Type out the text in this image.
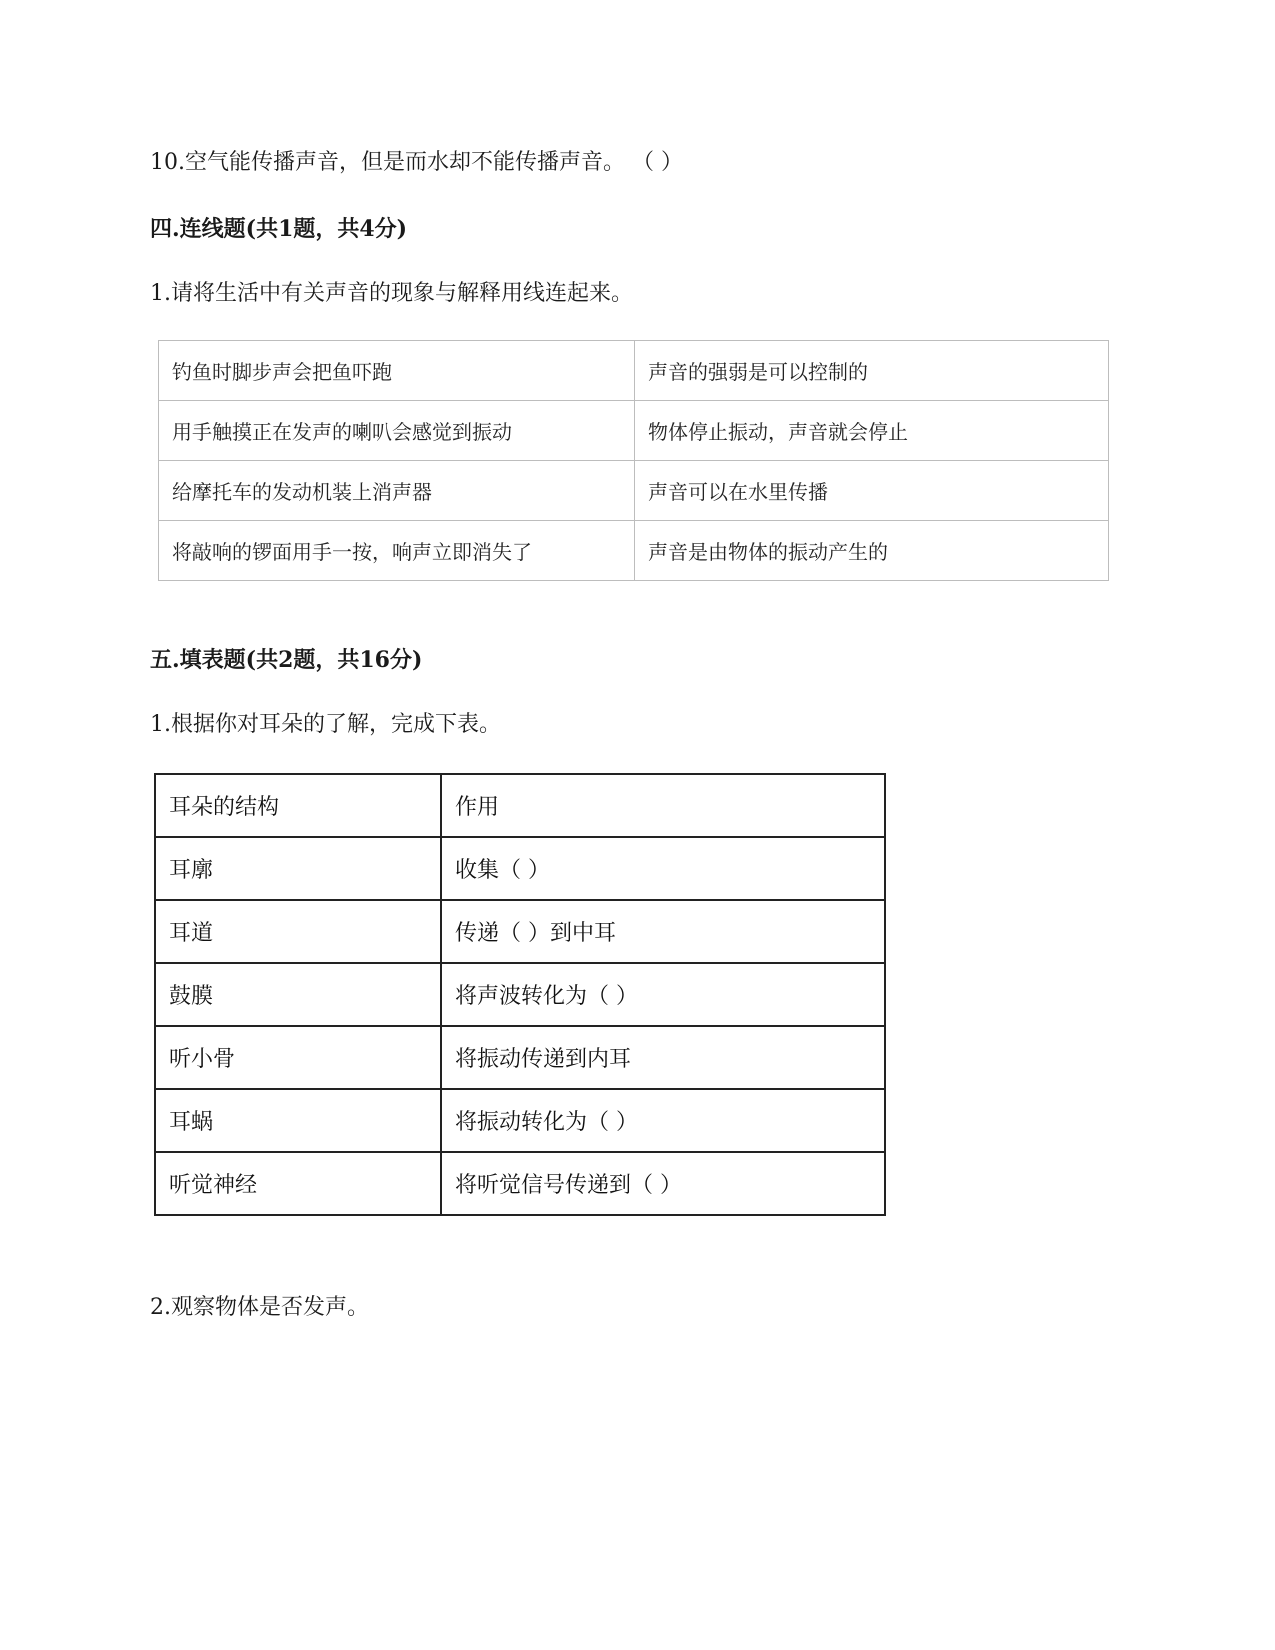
10.空气能传播声音，但是而水却不能传播声音。 （ ）
四.连线题(共1题，共4分)
1.请将生活中有关声音的现象与解释用线连起来。
钓鱼时脚步声会把鱼吓跑	声音的强弱是可以控制的
用手触摸正在发声的喇叭会感觉到振动	物体停止振动，声音就会停止
给摩托车的发动机装上消声器	声音可以在水里传播
将敲响的锣面用手一按，响声立即消失了	声音是由物体的振动产生的
五.填表题(共2题，共16分)
1.根据你对耳朵的了解，完成下表。
耳朵的结构	作用
耳廓	收集（ ）
耳道	传递（ ）到中耳
鼓膜	将声波转化为（ ）
听小骨	将振动传递到内耳
耳蜗	将振动转化为（ ）
听觉神经	将听觉信号传递到（ ）
2.观察物体是否发声。
